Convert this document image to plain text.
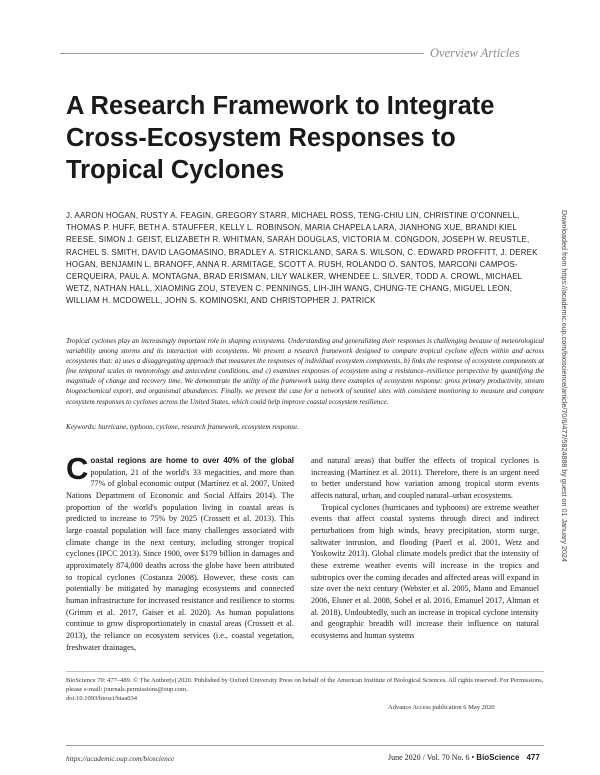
Overview Articles
A Research Framework to Integrate Cross-Ecosystem Responses to Tropical Cyclones
J. AARON HOGAN, RUSTY A. FEAGIN, GREGORY STARR, MICHAEL ROSS, TENG-CHIU LIN, CHRISTINE O'CONNELL, THOMAS P. HUFF, BETH A. STAUFFER, KELLY L. ROBINSON, MARIA CHAPELA LARA, JIANHONG XUE, BRANDI KIEL REESE, SIMON J. GEIST, ELIZABETH R. WHITMAN, SARAH DOUGLAS, VICTORIA M. CONGDON, JOSEPH W. REUSTLE, RACHEL S. SMITH, DAVID LAGOMASINO, BRADLEY A. STRICKLAND, SARA S. WILSON, C. EDWARD PROFFITT, J. DEREK HOGAN, BENJAMIN L. BRANOFF, ANNA R. ARMITAGE, SCOTT A. RUSH, ROLANDO O. SANTOS, MARCONI CAMPOS-CERQUEIRA, PAUL A. MONTAGNA, BRAD ERISMAN, LILY WALKER, WHENDEE L. SILVER, TODD A. CROWL, MICHAEL WETZ, NATHAN HALL, XIAOMING ZOU, STEVEN C. PENNINGS, LIH-JIH WANG, CHUNG-TE CHANG, MIGUEL LEON, WILLIAM H. MCDOWELL, JOHN S. KOMINOSKI, AND CHRISTOPHER J. PATRICK	Downloaded from https://academic.oup.com/bioscience/article/70/6/477/5824888 by guest on 01 January 2024
Tropical cyclones play an increasingly important role in shaping ecosystems. Understanding and generalizing their responses is challenging because of meteorological variability among storms and its interaction with ecosystems. We present a research framework designed to compare tropical cyclone effects within and across ecosystems that: a) uses a disaggregating approach that measures the responses of individual ecosystem components, b) links the response of ecosystem components at fine temporal scales to meteorology and antecedent conditions, and c) examines responses of ecosystem using a resistance–resilience perspective by quantifying the magnitude of change and recovery time. We demonstrate the utility of the framework using three examples of ecosystem response: gross primary productivity, stream biogeochemical export, and organismal abundances. Finally, we present the case for a network of sentinel sites with consistent monitoring to measure and compare ecosystem responses to cyclones across the United States, which could help improve coastal ecosystem resilience.
Keywords: hurricane, typhoon, cyclone, research framework, ecosystem response.

Coastal regions are home to over 40% of the global population, 21 of the world's 33 megacities, and more than 77% of global economic output (Martínez et al. 2007, United Nations Department of Economic and Social Affairs 2014). The proportion of the world's population living in coastal areas is predicted to increase to 75% by 2025 (Crossett et al. 2013). This large coastal population will face many challenges associated with climate change in the next century, including stronger tropical cyclones (IPCC 2013). Since 1900, over $179 billion in damages and approximately 874,000 deaths across the globe have been attributed to tropical cyclones (Costanza 2008). However, these costs can potentially be mitigated by managing ecosystems and connected human infrastructure for increased resistance and resilience to storms (Grimm et al. 2017, Gaiser et al. 2020). As human populations continue to grow disproportionately in coastal areas (Crossett et al. 2013), the reliance on ecosystem services (i.e., coastal vegetation, freshwater drainages,

and natural areas) that buffer the effects of tropical cyclones is increasing (Martínez et al. 2011). Therefore, there is an urgent need to better understand how variation among tropical storm events affects natural, urban, and coupled natural–urban ecosystems.

Tropical cyclones (hurricanes and typhoons) are extreme weather events that affect coastal systems through direct and indirect perturbations from high winds, heavy precipitation, storm surge, saltwater intrusion, and flooding (Paerl et al. 2001, Wetz and Yoskowitz 2013). Global climate models predict that the intensity of these extreme weather events will increase in the tropics and subtropics over the coming decades and affected areas will expand in size over the next century (Webster et al. 2005, Mann and Emanuel 2006, Elsner et al. 2008, Sobel et al. 2016, Emanuel 2017, Altman et al. 2018). Undoubtedly, such an increase in tropical cyclone intensity and geographic breadth will increase their influence on natural ecosystems and human systems

BioScience 70: 477–489. © The Author(s) 2020. Published by Oxford University Press on behalf of the American Institute of Biological Sciences. All rights reserved. For Permissions, please e-mail: journals.permissions@oup.com.
doi:10.1093/biosci/biaa034
Advance Access publication 6 May 2020
https://academic.oup.com/bioscience	June 2020 / Vol. 70 No. 6 • BioScience 477
